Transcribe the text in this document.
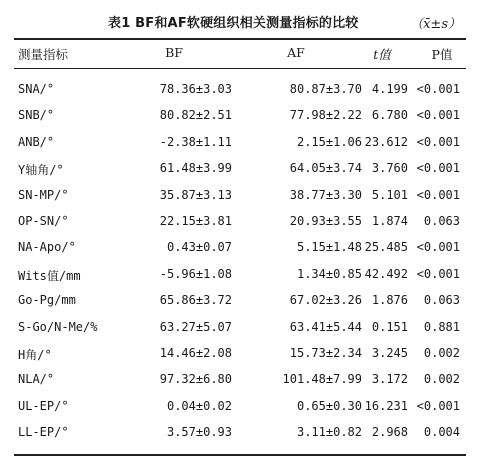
表1 BF和AF软硬组织相关测量指标的比较	（x̄±s）
测量指标	BF	AF	t值	P值
SNA/°	78.36±3.03	80.87±3.70 4.199 <0.001
SNB/°	80.82±2.51	77.98±2.22 6.780 <0.001
ANB/°	-2.38±1.11	2.15±1.06 23.612 <0.001
Y轴角/°	61.48±3.99	64.05±3.74 3.760 <0.001
SN-MP/°	35.87±3.13	38.77±3.30 5.101 <0.001
OP-SN/°	22.15±3.81	20.93±3.55 1.874	0.063
NA-Apo/°	0.43±0.07	5.15±1.48 25.485 <0.001
Wits值/mm	-5.96±1.08	1.34±0.85 42.492 <0.001
Go-Pg/mm	65.86±3.72	67.02±3.26 1.876	0.063
S-Go/N-Me/%	63.27±5.07	63.41±5.44 0.151	0.881
H角/°	14.46±2.08	15.73±2.34 3.245	0.002
NLA/°	97.32±6.80	101.48±7.99 3.172	0.002
UL-EP/°	0.04±0.02	0.65±0.30 16.231 <0.001
LL-EP/°	3.57±0.93	3.11±0.82 2.968	0.004
